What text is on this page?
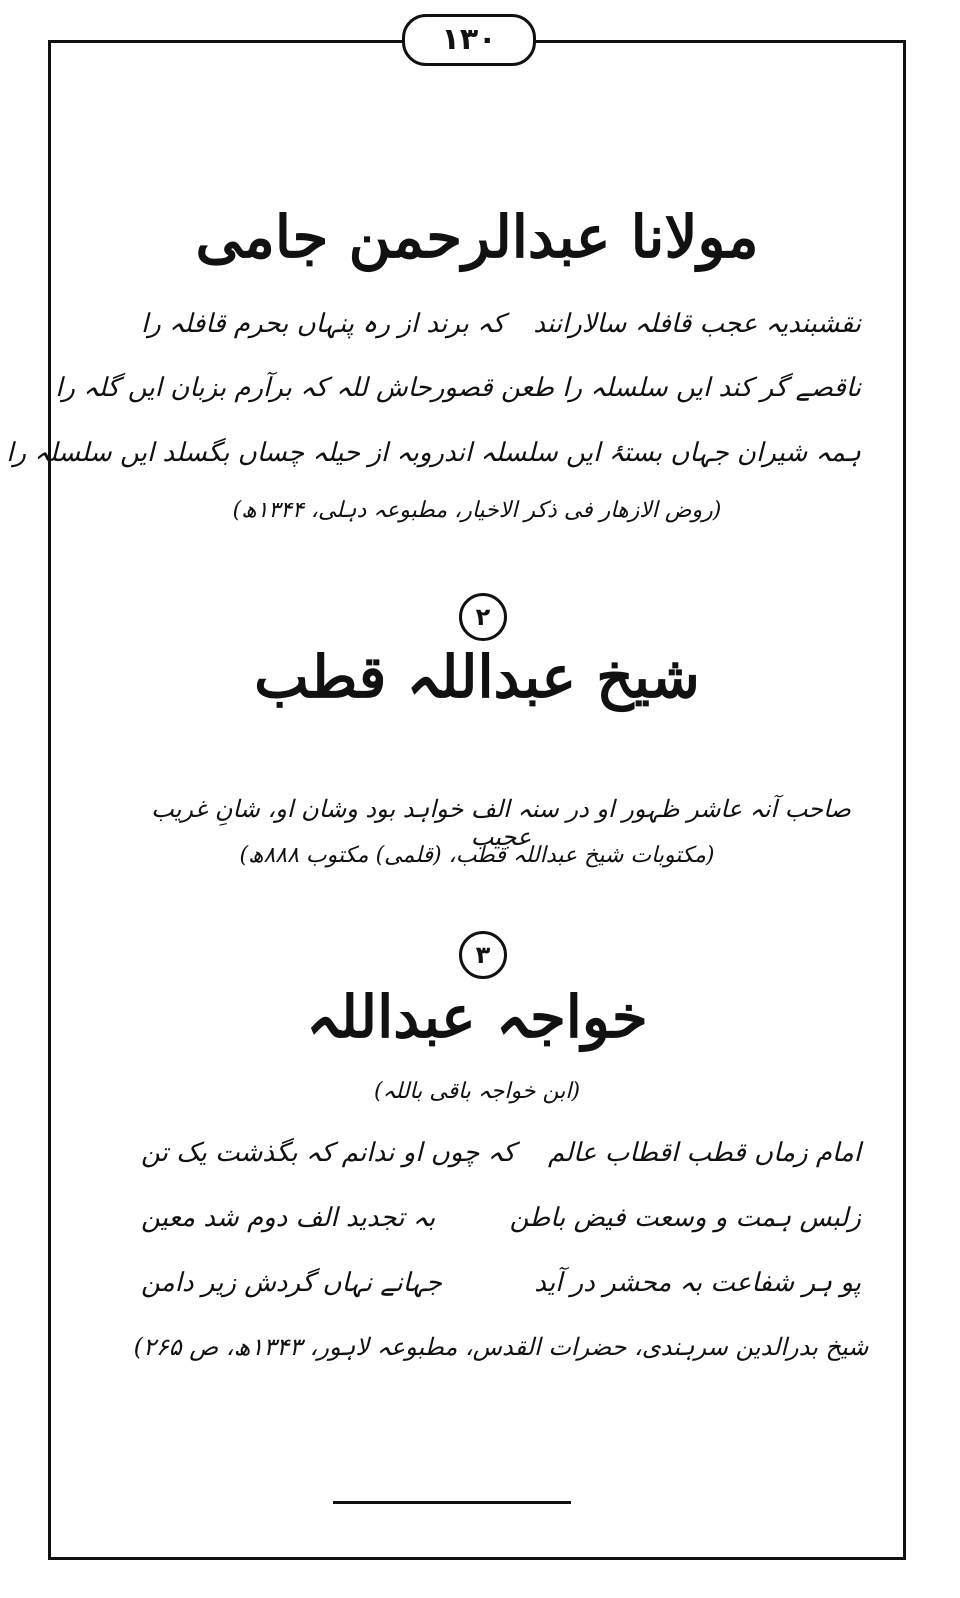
۱۳۰
مولانا عبدالرحمن جامی
نقشبندیہ عجب قافلہ سالارانند
کہ برند از رہ پنہاں بحرم قافلہ را
ناقصے گر کند ایں سلسلہ را طعن قصور
حاش للہ کہ برآرم بزبان ایں گلہ را
ہمہ شیران جہاں بستۂ ایں سلسلہ اند
روبہ از حیلہ چساں بگسلد ایں سلسلہ را
(روض الازھار فی ذکر الاخیار، مطبوعہ دہلی، ۱۳۴۴ھ)
۲
شیخ عبداللہ قطب
صاحب آنہ عاشر ظہور او در سنہ الف خواہد بود وشان او، شانِ غریب عجیب
(مکتوبات شیخ عبداللہ قطب، (قلمی) مکتوب ۸۸۸ھ)
۳
خواجہ عبداللہ
(ابن خواجہ باقی باللہ)
امام زماں قطب اقطاب عالم
کہ چوں او ندانم کہ بگذشت یک تن
زلبس ہمت و وسعت فیض باطن
بہ تجدید الف دوم شد معین
پو ہر شفاعت بہ محشر در آید
جہانے نہاں گردش زیر دامن
شیخ بدرالدین سرہندی، حضرات القدس، مطبوعہ لاہور، ۱۳۴۳ھ، ص ۲۶۵)
